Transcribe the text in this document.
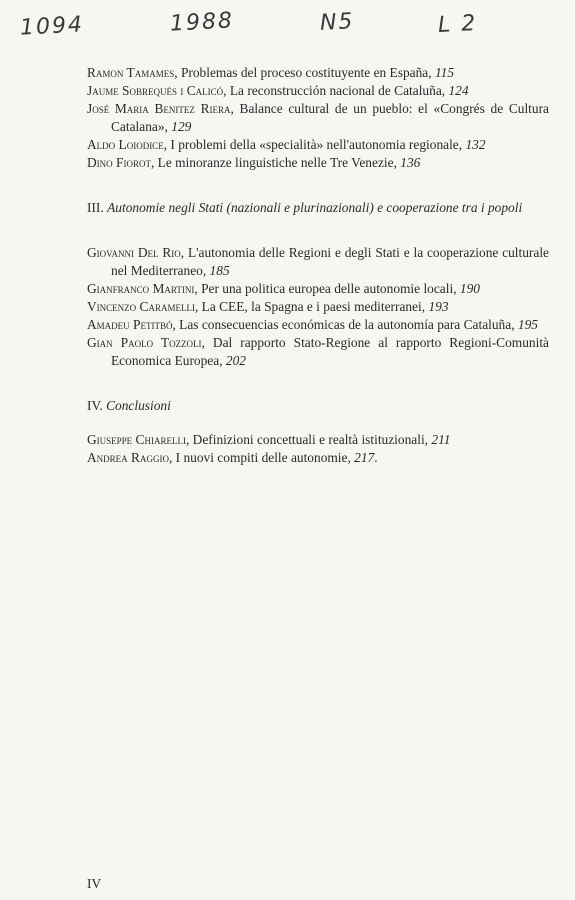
1094	1988	N5	L 2

Ramon Tamames, Problemas del proceso costituyente en España, 115

Jaume Sobrequés i Calicó, La reconstrucción nacional de Cataluña, 124

José Maria Benitez Riera, Balance cultural de un pueblo: el «Congrés de Cultura Catalana», 129

Aldo Loiodice, I problemi della «specialità» nell'autonomia regionale, 132

Dino Fiorot, Le minoranze linguistiche nelle Tre Venezie, 136

III. Autonomie negli Stati (nazionali e plurinazionali) e cooperazione tra i popoli

Giovanni Del Rio, L'autonomia delle Regioni e degli Stati e la cooperazione culturale nel Mediterraneo, 185

Gianfranco Martini, Per una politica europea delle autonomie locali, 190

Vincenzo Caramelli, La CEE, la Spagna e i paesi mediterranei, 193

Amadeu Petitbó, Las consecuencias económicas de la autonomía para Cataluña, 195

Gian Paolo Tozzoli, Dal rapporto Stato-Regione al rapporto Regioni-Comunità Economica Europea, 202

IV. Conclusioni

Giuseppe Chiarelli, Definizioni concettuali e realtà istituzionali, 211

Andrea Raggio, I nuovi compiti delle autonomie, 217.

IV
